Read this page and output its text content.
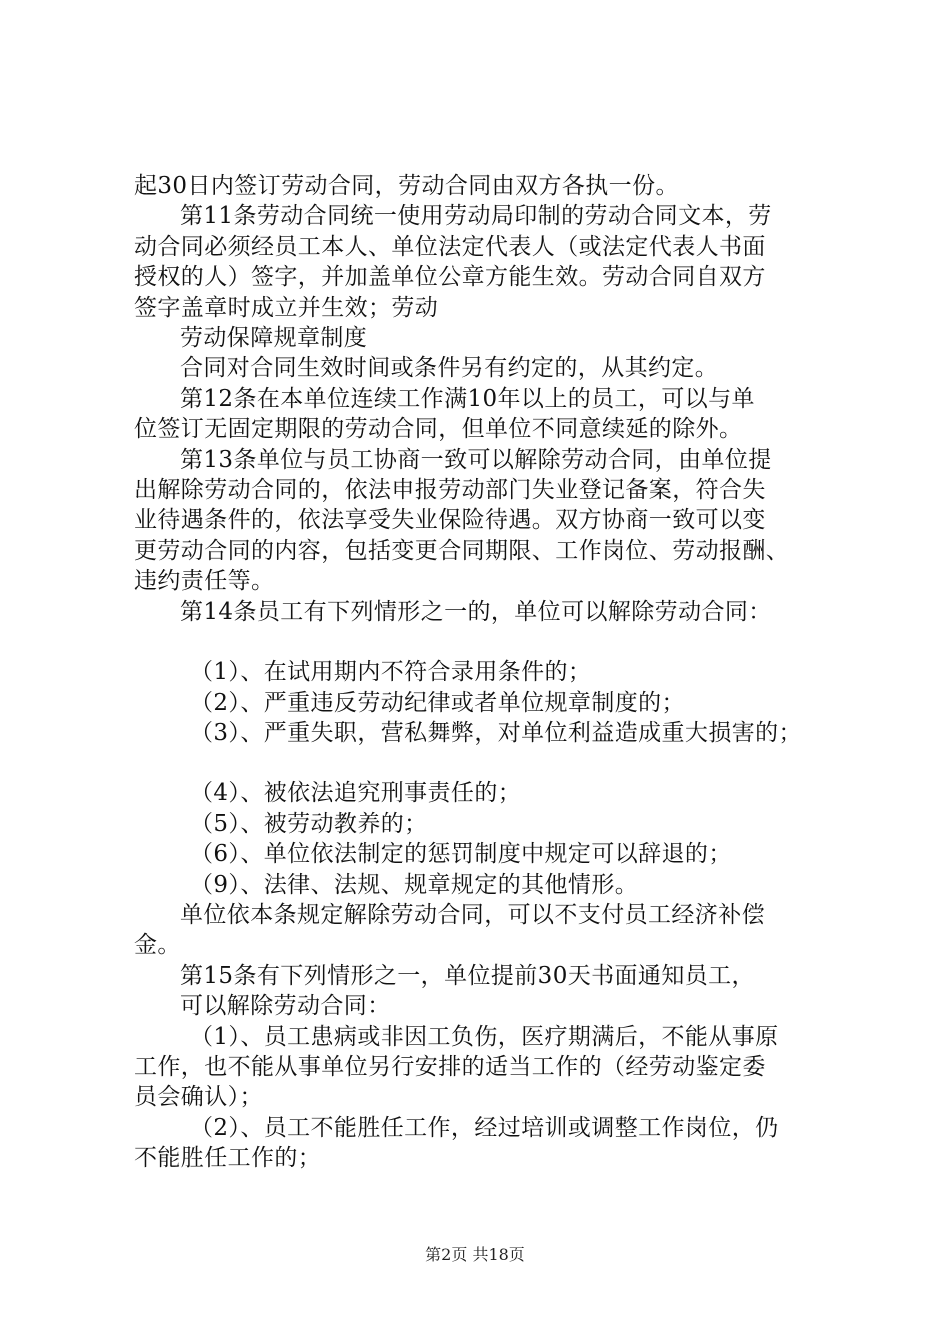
起30日内签订劳动合同，劳动合同由双方各执一份。

第11条劳动合同统一使用劳动局印制的劳动合同文本，劳

动合同必须经员工本人、单位法定代表人（或法定代表人书面

授权的人）签字，并加盖单位公章方能生效。劳动合同自双方

签字盖章时成立并生效；劳动

劳动保障规章制度

合同对合同生效时间或条件另有约定的，从其约定。

第12条在本单位连续工作满10年以上的员工，可以与单

位签订无固定期限的劳动合同，但单位不同意续延的除外。

第13条单位与员工协商一致可以解除劳动合同，由单位提

出解除劳动合同的，依法申报劳动部门失业登记备案，符合失

业待遇条件的，依法享受失业保险待遇。双方协商一致可以变

更劳动合同的内容，包括变更合同期限、工作岗位、劳动报酬、

违约责任等。

第14条员工有下列情形之一的，单位可以解除劳动合同：

（1）、在试用期内不符合录用条件的；

（2）、严重违反劳动纪律或者单位规章制度的；

（3）、严重失职，营私舞弊，对单位利益造成重大损害的；

（4）、被依法追究刑事责任的；

（5）、被劳动教养的；

（6）、单位依法制定的惩罚制度中规定可以辞退的；

（9）、法律、法规、规章规定的其他情形。

单位依本条规定解除劳动合同，可以不支付员工经济补偿

金。

第15条有下列情形之一，单位提前30天书面通知员工，

可以解除劳动合同：

（1）、员工患病或非因工负伤，医疗期满后，不能从事原

工作，也不能从事单位另行安排的适当工作的（经劳动鉴定委

员会确认）；

（2）、员工不能胜任工作，经过培训或调整工作岗位，仍

不能胜任工作的；

第2页 共18页
